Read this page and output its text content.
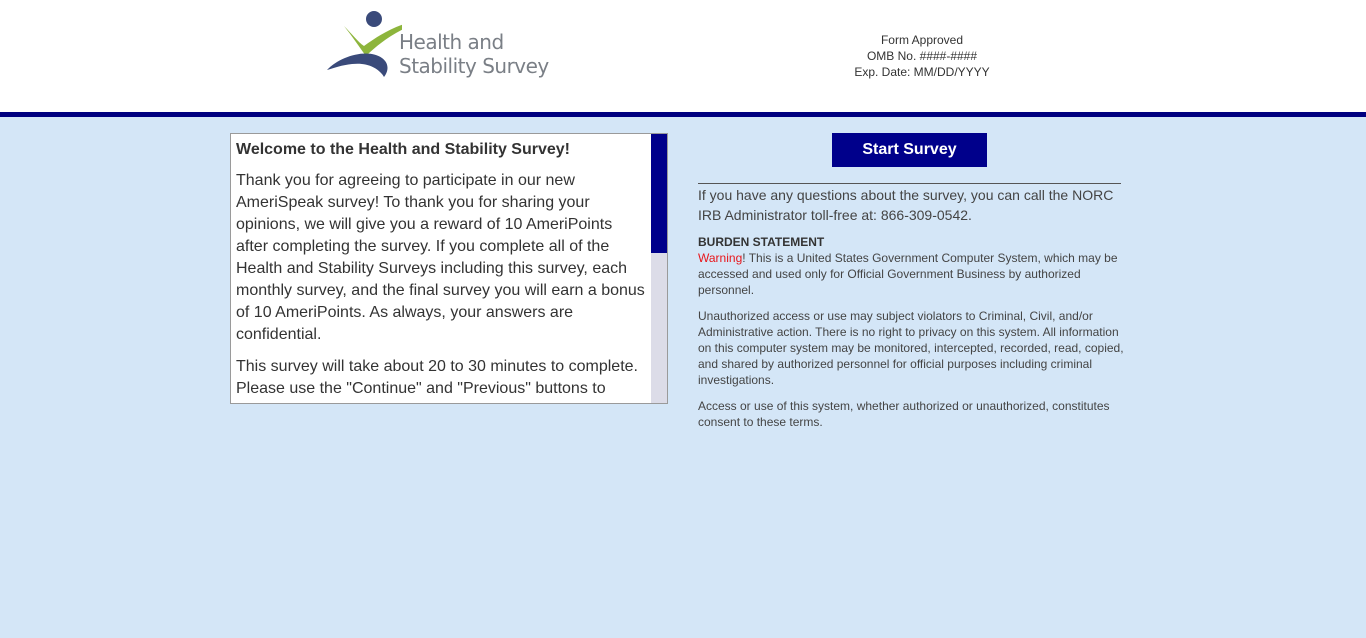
Health and
Stability Survey
Form Approved
OMB No. ####-####
Exp. Date: MM/DD/YYYY
Welcome to the Health and Stability Survey!

Thank you for agreeing to participate in our new AmeriSpeak survey! To thank you for sharing your opinions, we will give you a reward of 10 AmeriPoints after completing the survey. If you complete all of the Health and Stability Surveys including this survey, each monthly survey, and the final survey you will earn a bonus of 10 AmeriPoints. As always, your answers are confidential.

This survey will take about 20 to 30 minutes to complete. Please use the "Continue" and "Previous" buttons to

Start Survey

If you have any questions about the survey, you can call the NORC IRB Administrator toll-free at: 866-309-0542.

BURDEN STATEMENT

Warning! This is a United States Government Computer System, which may be accessed and used only for Official Government Business by authorized personnel.

Unauthorized access or use may subject violators to Criminal, Civil, and/or Administrative action. There is no right to privacy on this system. All information on this computer system may be monitored, intercepted, recorded, read, copied, and shared by authorized personnel for official purposes including criminal investigations.

Access or use of this system, whether authorized or unauthorized, constitutes consent to these terms.
